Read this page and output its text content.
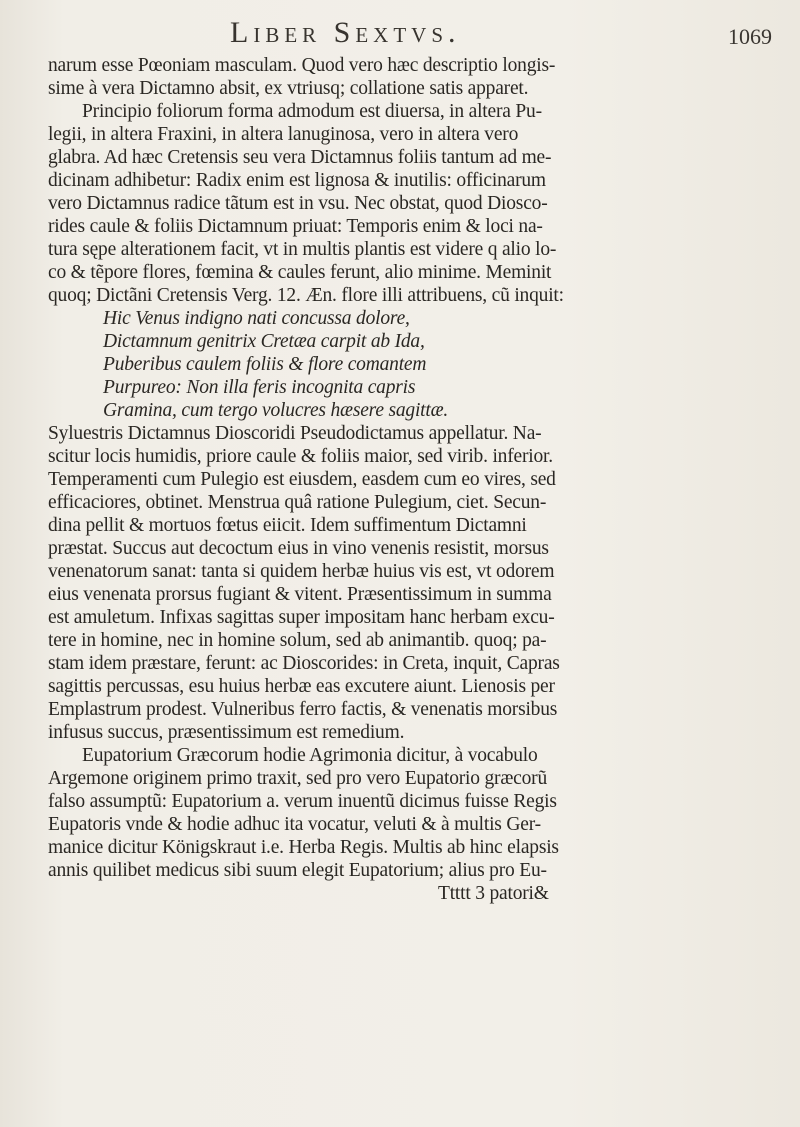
Liber Sextvs.	1069
narum esse Pœoniam masculam. Quod vero hæc descriptio longis-
sime à vera Dictamno absit, ex vtriusq; collatione satis apparet.
Principio foliorum forma admodum est diuersa, in altera Pu-
legii, in altera Fraxini, in altera lanuginosa, vero in altera vero
glabra. Ad hæc Cretensis seu vera Dictamnus foliis tantum ad me-
dicinam adhibetur: Radix enim est lignosa & inutilis: officinarum
vero Dictamnus radice tãtum est in vsu. Nec obstat, quod Diosco-
rides caule & foliis Dictamnum priuat: Temporis enim & loci na-
tura sępe alterationem facit, vt in multis plantis est videre q alio lo-
co & tẽpore flores, fœmina & caules ferunt, alio minime. Meminit
quoq; Dictãni Cretensis Verg. 12. Æn. flore illi attribuens, cũ inquit:
Hic Venus indigno nati concussa dolore,
Dictamnum genitrix Cretæa carpit ab Ida,
Puberibus caulem foliis & flore comantem
Purpureo: Non illa feris incognita capris
Gramina, cum tergo volucres hæsere sagittæ.
Syluestris Dictamnus Dioscoridi Pseudodictamus appellatur. Na-
scitur locis humidis, priore caule & foliis maior, sed virib. inferior.
Temperamenti cum Pulegio est eiusdem, easdem cum eo vires, sed
efficaciores, obtinet. Menstrua quâ ratione Pulegium, ciet. Secun-
dina pellit & mortuos fœtus eiicit. Idem suffimentum Dictamni
præstat. Succus aut decoctum eius in vino venenis resistit, morsus
venenatorum sanat: tanta si quidem herbæ huius vis est, vt odorem
eius venenata prorsus fugiant & vitent. Præsentissimum in summa
est amuletum. Infixas sagittas super impositam hanc herbam excu-
tere in homine, nec in homine solum, sed ab animantib. quoq; pa-
stam idem præstare, ferunt: ac Dioscorides: in Creta, inquit, Capras
sagittis percussas, esu huius herbæ eas excutere aiunt. Lienosis per
Emplastrum prodest. Vulneribus ferro factis, & venenatis morsibus
infusus succus, præsentissimum est remedium.
Eupatorium Græcorum hodie Agrimonia dicitur, à vocabulo
Argemone originem primo traxit, sed pro vero Eupatorio græcorũ
falso assumptũ: Eupatorium a. verum inuentũ dicimus fuisse Regis
Eupatoris vnde & hodie adhuc ita vocatur, veluti & à multis Ger-
manice dicitur Königskraut i.e. Herba Regis. Multis ab hinc elapsis
annis quilibet medicus sibi suum elegit Eupatorium; alius pro Eu-
Ttttt 3 patori&
